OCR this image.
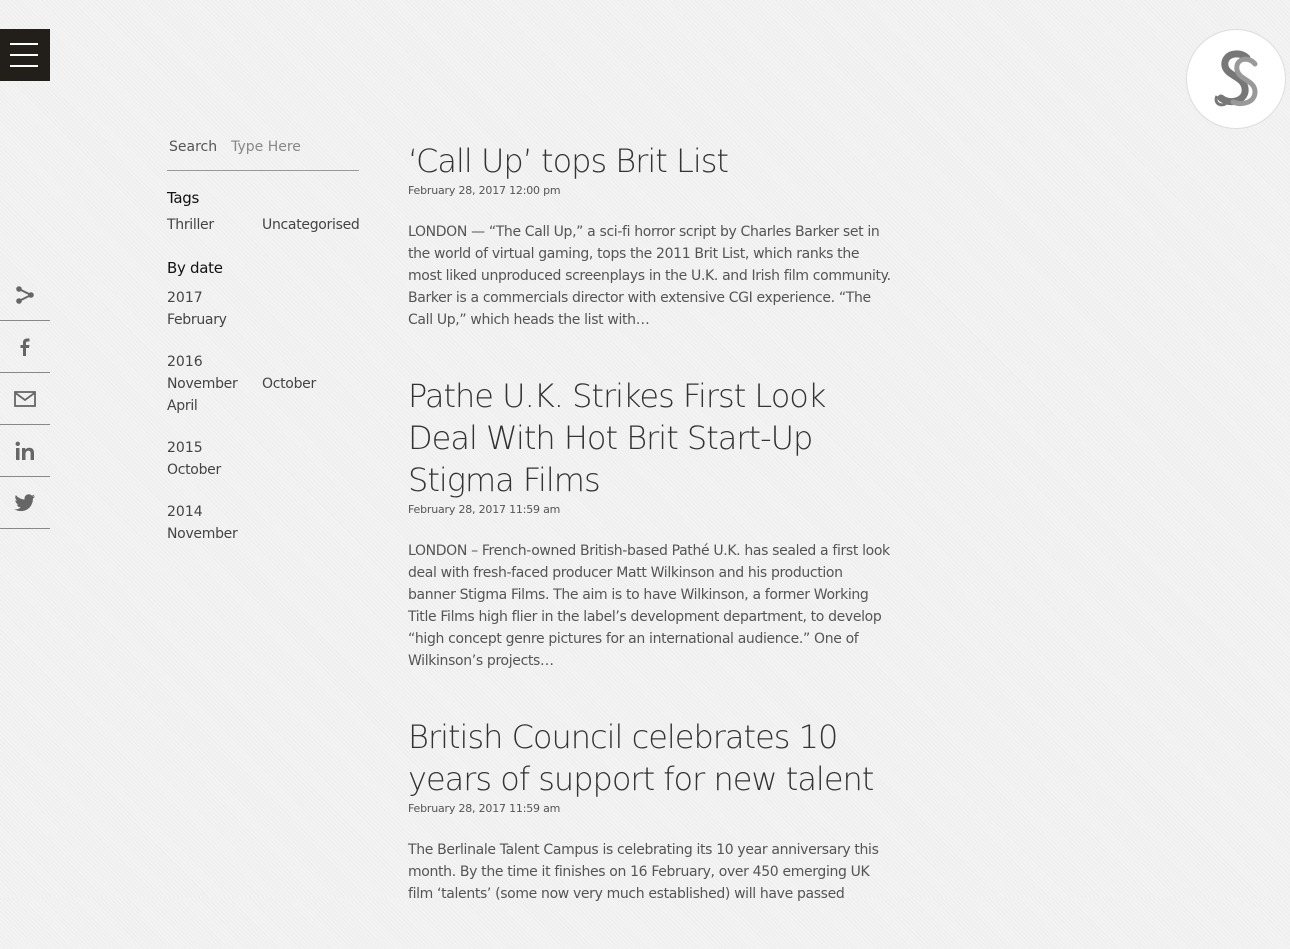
Search
Type Here
Tags
Thriller	Uncategorised
By date
2017
February
2016
November	October
April
2015
October
2014
November
‘Call Up’ tops Brit List
February 28, 2017 12:00 pm

LONDON — “The Call Up,” a sci-fi horror script by Charles Barker set in the world of virtual gaming, tops the 2011 Brit List, which ranks the most liked unproduced screenplays in the U.K. and Irish film community. Barker is a commercials director with extensive CGI experience. “The Call Up,” which heads the list with…

Pathe U.K. Strikes First Look Deal With Hot Brit Start-Up Stigma Films
February 28, 2017 11:59 am

LONDON – French-owned British-based Pathé U.K. has sealed a first look deal with fresh-faced producer Matt Wilkinson and his production banner Stigma Films. The aim is to have Wilkinson, a former Working Title Films high flier in the label’s development department, to develop “high concept genre pictures for an international audience.” One of Wilkinson’s projects…

British Council celebrates 10 years of support for new talent
February 28, 2017 11:59 am

The Berlinale Talent Campus is celebrating its 10 year anniversary this month. By the time it finishes on 16 February, over 450 emerging UK film ‘talents’ (some now very much established) will have passed
